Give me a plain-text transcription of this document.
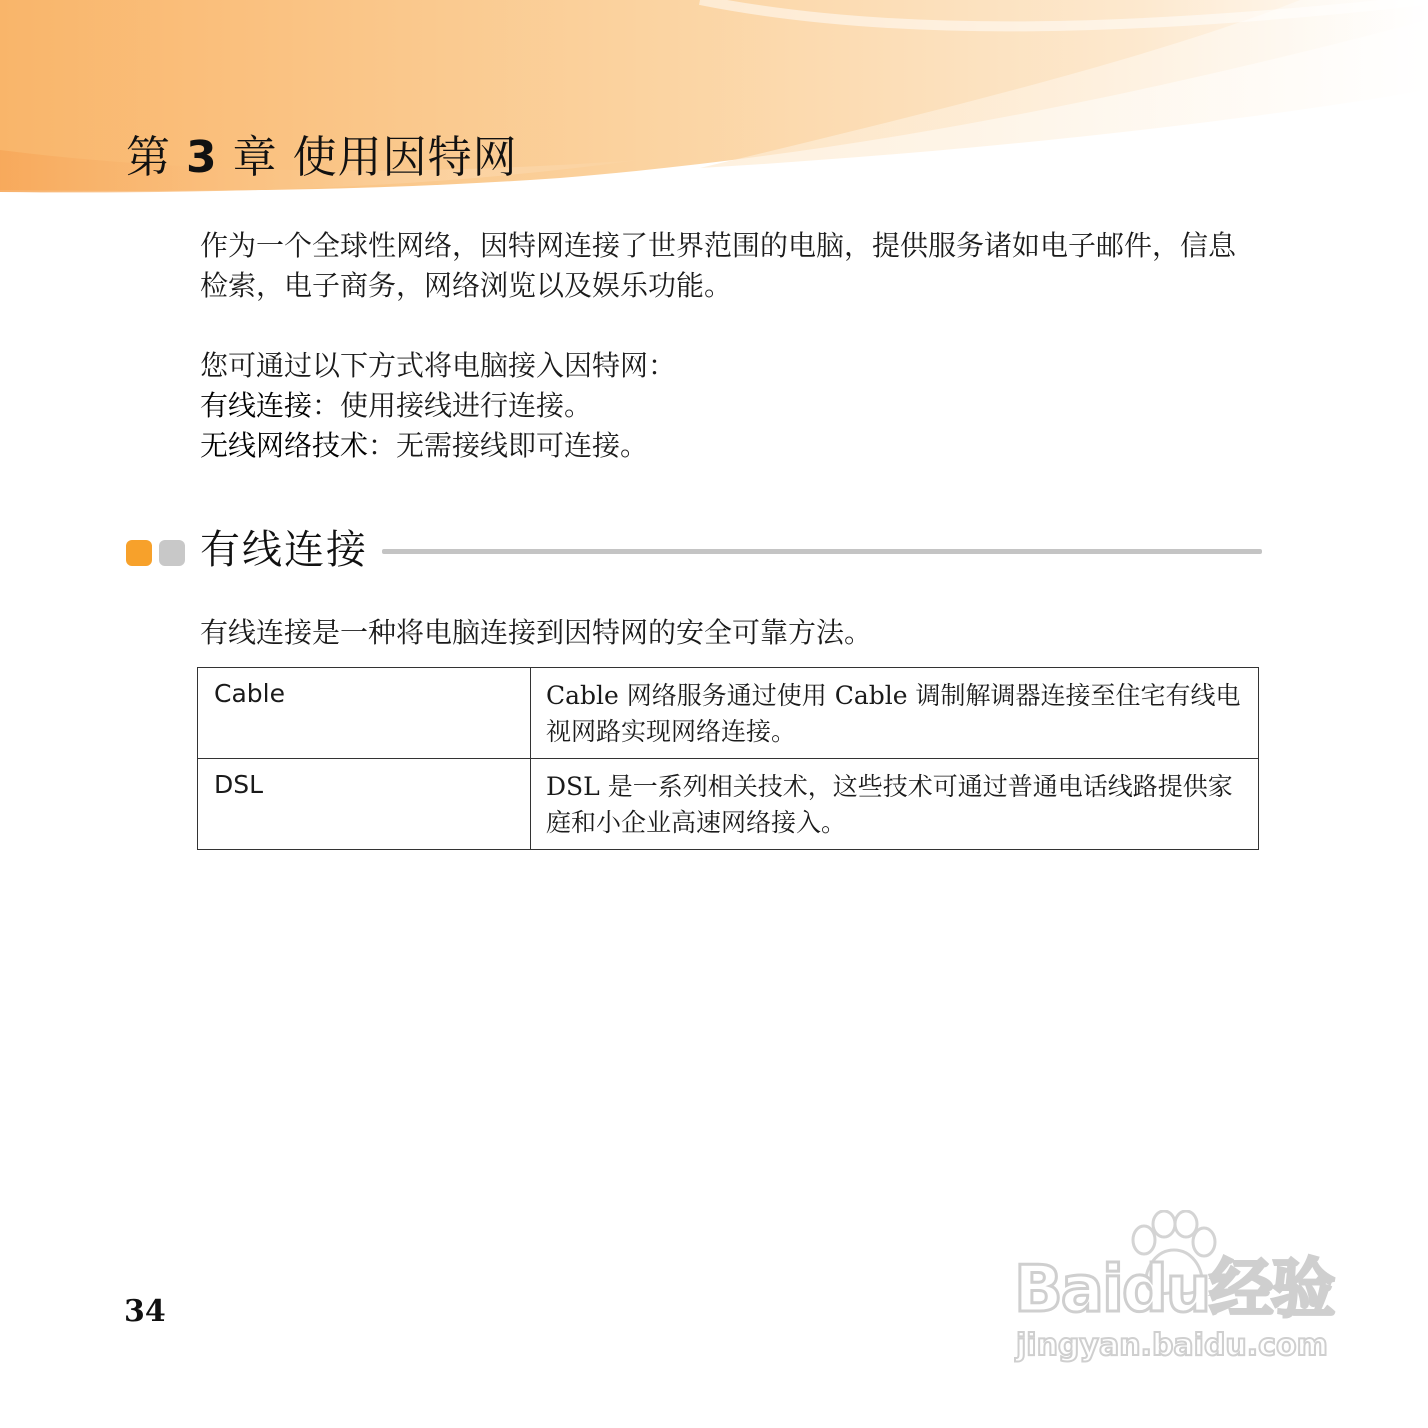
第 3 章 使用因特网
作为一个全球性网络，因特网连接了世界范围的电脑，提供服务诸如电子邮件，信息检索，电子商务，网络浏览以及娱乐功能。
您可通过以下方式将电脑接入因特网：
有线连接：使用接线进行连接。
无线网络技术：无需接线即可连接。
有线连接
有线连接是一种将电脑连接到因特网的安全可靠方法。
Cable	Cable 网络服务通过使用 Cable 调制解调器连接至住宅有线电视网路实现网络连接。
DSL	DSL 是一系列相关技术，这些技术可通过普通电话线路提供家庭和小企业高速网络接入。
34	Baidu经验
jingyan.baidu.com
